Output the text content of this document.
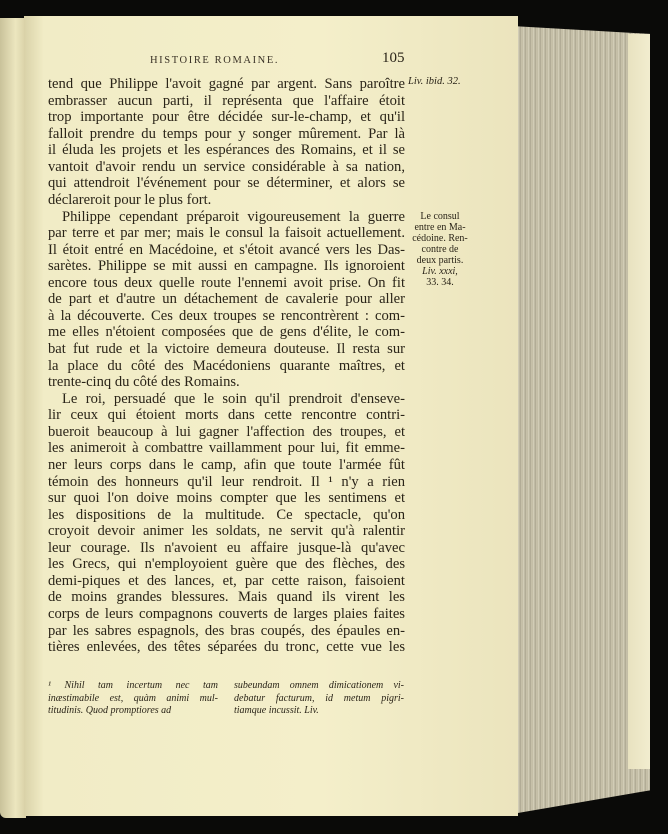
HISTOIRE ROMAINE.	105
tend que Philippe l'avoit gagné par argent. Sans paroître
embrasser aucun parti, il représenta que l'affaire étoit
trop importante pour être décidée sur-le-champ, et qu'il
falloit prendre du temps pour y songer mûrement. Par là
il éluda les projets et les espérances des Romains, et il se
vantoit d'avoir rendu un service considérable à sa nation,
qui attendroit l'événement pour se déterminer, et alors se
déclareroit pour le plus fort.
Philippe cependant préparoit vigoureusement la guerre
par terre et par mer; mais le consul la faisoit actuellement.
Il étoit entré en Macédoine, et s'étoit avancé vers les Das-
sarètes. Philippe se mit aussi en campagne. Ils ignoroient
encore tous deux quelle route l'ennemi avoit prise. On fit
de part et d'autre un détachement de cavalerie pour aller
à la découverte. Ces deux troupes se rencontrèrent : com-
me elles n'étoient composées que de gens d'élite, le com-
bat fut rude et la victoire demeura douteuse. Il resta sur
la place du côté des Macédoniens quarante maîtres, et
trente-cinq du côté des Romains.
Le roi, persuadé que le soin qu'il prendroit d'enseve-
lir ceux qui étoient morts dans cette rencontre contri-
bueroit beaucoup à lui gagner l'affection des troupes, et
les animeroit à combattre vaillamment pour lui, fit emme-
ner leurs corps dans le camp, afin que toute l'armée fût
témoin des honneurs qu'il leur rendroit. Il ¹ n'y a rien
sur quoi l'on doive moins compter que les sentimens et
les dispositions de la multitude. Ce spectacle, qu'on
croyoit devoir animer les soldats, ne servit qu'à ralentir
leur courage. Ils n'avoient eu affaire jusque-là qu'avec
les Grecs, qui n'employoient guère que des flèches, des
demi-piques et des lances, et, par cette raison, faisoient
de moins grandes blessures. Mais quand ils virent les
corps de leurs compagnons couverts de larges plaies faites
par les sabres espagnols, des bras coupés, des épaules en-
tières enlevées, des têtes séparées du tronc, cette vue les
Liv. ibid. 32.
Le consul
entre en Ma-
cédoine. Ren-
contre de
deux partis.
Liv. xxxi,
33. 34.
¹ Nihil tam incertum nec tam
inæstimabile est, quàm animi mul-
titudinis. Quod promptiores ad
subeundam omnem dimicationem vi-
debatur facturum, id metum pigri-
tiamque incussit. Liv.
